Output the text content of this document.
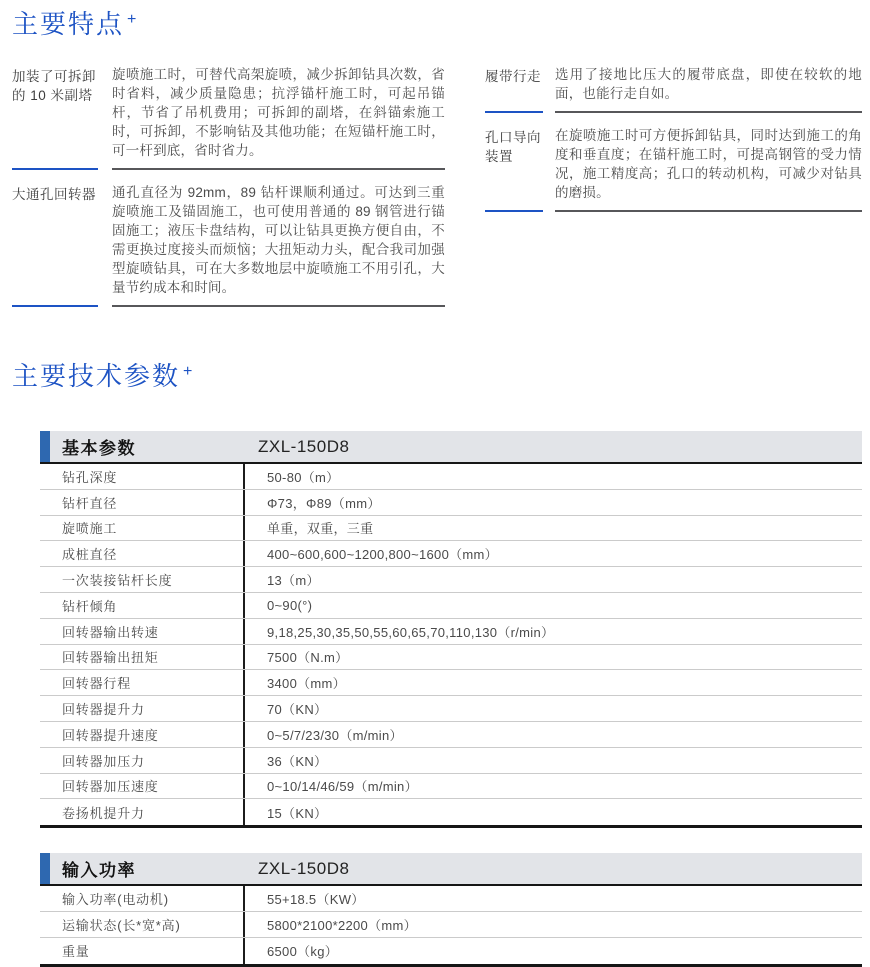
主要特点 +
加装了可拆卸的 10 米副塔
旋喷施工时，可替代高架旋喷，减少拆卸钻具次数，省时省料，减少质量隐患；抗浮锚杆施工时，可起吊锚杆，节省了吊机费用；可拆卸的副塔，在斜锚索施工时，可拆卸，不影响钻及其他功能；在短锚杆施工时，可一杆到底，省时省力。
大通孔回转器 通孔直径为 92mm，89 钻杆课顺利通过。可达到三重旋喷施工及锚固施工，也可使用普通的 89 钢管进行锚固施工；液压卡盘结构，可以让钻具更换方便自由，不需更换过度接头而烦恼；大扭矩动力头，配合我司加强型旋喷钻具，可在大多数地层中旋喷施工不用引孔，大量节约成本和时间。
履带行走 选用了接地比压大的履带底盘，即使在较软的地面，也能行走自如。
孔口导向装置
在旋喷施工时可方便拆卸钻具，同时达到施工的角度和垂直度；在锚杆施工时，可提高钢管的受力情况，施工精度高；孔口的转动机构，可减少对钻具的磨损。
主要技术参数 +
基本参数	ZXL-150D8
钻孔深度	50-80（m）
钻杆直径	Φ73，Φ89（mm）
旋喷施工	单重，双重，三重
成桩直径	400~600,600~1200,800~1600（mm）
一次装接钻杆长度	13（m）
钻杆倾角	0~90(°)
回转器输出转速	9,18,25,30,35,50,55,60,65,70,110,130（r/min）
回转器输出扭矩	7500（N.m）
回转器行程	3400（mm）
回转器提升力	70（KN）
回转器提升速度	0~5/7/23/30（m/min）
回转器加压力	36（KN）
回转器加压速度	0~10/14/46/59（m/min）
卷扬机提升力	15（KN）
输入功率	ZXL-150D8
输入功率(电动机)	55+18.5（KW）
运输状态(长*宽*高)	5800*2100*2200（mm）
重量	6500（kg）
